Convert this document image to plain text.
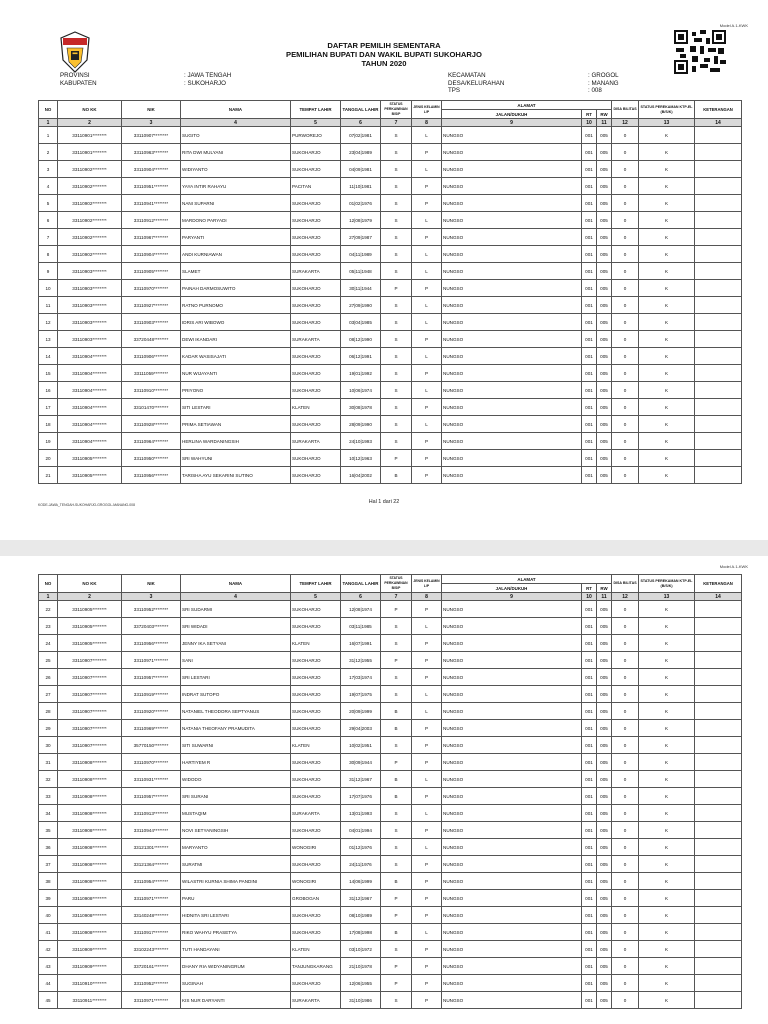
Model A.1-KWK
DAFTAR PEMILIH SEMENTARA
PEMILIHAN BUPATI DAN WAKIL BUPATI SUKOHARJO
TAHUN 2020
PROVINSI	: JAWA TENGAH
KABUPATEN	: SUKOHARJO
KECAMATAN	: GROGOL
DESA/KELURAHAN	: MANANG
TPS	: 008
NO	NO KK	NIK	NAMA	TEMPAT LAHIR	TANGGAL LAHIR	STATUS PERKAWINAN B/S/P	JENIS KELAMIN L/P	ALAMAT			DISA BILITAS	STATUS PEREKAMAN KTP-EL (B/S/K)	KETERANGAN
								JALAN/DUKUH	RT	RW			
1	2	3	4	5	6	7	8	9	10	11	12	13	14
1	33110901********	33110907********	SUGITO	PURWOREJO	07|02|1981	S	L	NUNGSO	001	005	0	K	
2	33110901********	33110963********	RITA DWI MULYANI	SUKOHARJO	23|04|1989	S	P	NUNGSO	001	005	0	K	
3	33110902********	33110904********	WIDIYANTO	SUKOHARJO	04|09|1981	S	L	NUNGSO	001	005	0	K	
4	33110902********	33110951********	YAYA INTIR RAHAYU	PACITAN	11|10|1981	S	P	NUNGSO	001	005	0	K	
5	33110902********	33110941********	NANI SUPARNI	SUKOHARJO	01|02|1976	S	P	NUNGSO	001	005	0	K	
6	33110902********	33110912********	MARDONO PARYADI	SUKOHARJO	12|08|1979	S	L	NUNGSO	001	005	0	K	
7	33110902********	33110967********	PARYANTI	SUKOHARJO	27|09|1987	S	P	NUNGSO	001	005	0	K	
8	33110902********	33110904********	ANDI KURNIAWAN	SUKOHARJO	04|11|1989	S	L	NUNGSO	001	005	0	K	
9	33110903********	33110905********	SLAMET	SURAKARTA	05|11|1948	S	L	NUNGSO	001	005	0	K	
10	33110903********	33110970********	PAINAH DARMOSUWITO	SUKOHARJO	30|11|1944	P	P	NUNGSO	001	005	0	K	
11	33110903********	33110927********	RATNO PURNOMO	SUKOHARJO	27|09|1990	S	L	NUNGSO	001	005	0	K	
12	33110903********	33110903********	IDRIS ARI WIBOWO	SUKOHARJO	03|04|1985	S	L	NUNGSO	001	005	0	K	
13	33110903********	33720448********	DEWI IKANDARI	SURAKARTA	08|12|1990	S	P	NUNGSO	001	005	0	K	
14	33110904********	33110906********	KADAR WASISAJATI	SUKOHARJO	06|12|1991	S	L	NUNGSO	001	005	0	K	
15	33110904********	33111059********	NUR WIJAYANTI	SUKOHARJO	19|01|1992	S	P	NUNGSO	001	005	0	K	
16	33110904********	33110910********	PRIYONO	SUKOHARJO	10|06|1974	S	L	NUNGSO	001	005	0	K	
17	33110904********	33101470********	SITI LESTARI	KLATEN	30|08|1978	S	P	NUNGSO	001	005	0	K	
18	33110904********	33110928********	PRIMA SETIAWAN	SUKOHARJO	28|09|1990	S	L	NUNGSO	001	005	0	K	
19	33110904********	33110964********	HERLINA WARDANINGSIH	SURAKARTA	24|10|1993	S	P	NUNGSO	001	005	0	K	
20	33110905********	33110950********	SRI WAHYUNI	SUKOHARJO	10|12|1963	P	P	NUNGSO	001	005	0	K	
21	33110905********	33110956********	TARISHA AYU SEKARINI SUTINO	SUKOHARJO	16|04|2002	B	P	NUNGSO	001	005	0	K	
KODE-JAWA_TENGAH-SUKOHARJO-GROGOL-MANANG-008	Hal 1 dari 22
Model A.1-KWK
NO	NO KK	NIK	NAMA	TEMPAT LAHIR	TANGGAL LAHIR	STATUS PERKAWINAN B/S/P	JENIS KELAMIN L/P	ALAMAT			DISA BILITAS	STATUS PEREKAMAN KTP-EL (B/S/K)	KETERANGAN
								JALAN/DUKUH	RT	RW			
1	2	3	4	5	6	7	8	9	10	11	12	13	14
22	33110905********	33110952********	SRI SUDARMI	SUKOHARJO	12|08|1974	P	P	NUNGSO	001	005	0	K	
23	33110905********	33720403********	SRI WIDADI	SUKOHARJO	03|11|1985	S	L	NUNGSO	001	005	0	K	
24	33110905********	33110956********	JENNY IKA SETYANI	KLATEN	16|07|1991	S	P	NUNGSO	001	005	0	K	
25	33110907********	33110971********	SANI	SUKOHARJO	31|12|1955	P	P	NUNGSO	001	005	0	K	
26	33110907********	33110957********	SRI LESTARI	SUKOHARJO	17|03|1974	S	P	NUNGSO	001	005	0	K	
27	33110907********	33110919********	INDRAT SUTOPO	SUKOHARJO	19|07|1975	S	L	NUNGSO	001	005	0	K	
28	33110907********	33110920********	NATANIEL THEODORA SEPTYANUS	SUKOHARJO	20|09|1999	B	L	NUNGSO	001	005	0	K	
29	33110907********	33110969********	NATANIA THEOFANY PRAMUDITA	SUKOHARJO	29|04|2003	B	P	NUNGSO	001	005	0	K	
30	33110907********	35770150********	SITI SUWARNI	KLATEN	10|02|1951	S	P	NUNGSO	001	005	0	K	
31	33110908********	33110970********	HARTIYEM R	SUKOHARJO	30|09|1944	P	P	NUNGSO	001	005	0	K	
32	33110908********	33110931********	WIDODO	SUKOHARJO	31|12|1967	B	L	NUNGSO	001	005	0	K	
33	33110908********	33110957********	SRI SURANI	SUKOHARJO	17|07|1976	B	P	NUNGSO	001	005	0	K	
34	33110908********	33110913********	MUSTAQIM	SURAKARTA	13|01|1993	S	L	NUNGSO	001	005	0	K	
35	33110908********	33110944********	NOVI SETYANINGSIH	SUKOHARJO	04|01|1994	S	P	NUNGSO	001	005	0	K	
36	33110908********	33121301********	MARYANTO	WONOGIRI	01|12|1976	S	L	NUNGSO	001	005	0	K	
37	33110908********	33121364********	SURATMI	SUKOHARJO	24|11|1976	S	P	NUNGSO	001	005	0	K	
38	33110908********	33110954********	WILASTRI KURNIA SHIMA PANDINI	WONOGIRI	14|06|1999	B	P	NUNGSO	001	005	0	K	
39	33110908********	33110971********	PARU	GROBOGAN	31|12|1967	P	P	NUNGSO	001	005	0	K	
40	33110908********	33140248********	HIDNITA SRI LESTARI	SUKOHARJO	08|10|1989	P	P	NUNGSO	001	005	0	K	
41	33110908********	33110917********	RIKO WAHYU PRASETYA	SUKOHARJO	17|08|1998	B	L	NUNGSO	001	005	0	K	
42	33110909********	33102243********	TUTI HANDAYANI	KLATEN	03|10|1972	S	P	NUNGSO	001	005	0	K	
43	33110909********	33720161********	DHANY RIA WIDYANINGRUM	TANJUNGKARANG	21|10|1978	P	P	NUNGSO	001	005	0	K	
44	33110910********	33110952********	SUGINAH	SUKOHARJO	12|06|1955	P	P	NUNGSO	001	005	0	K	
45	33110911********	33110971********	KIS NUR DARYANTI	SURAKARTA	31|10|1986	S	P	NUNGSO	001	005	0	K	
